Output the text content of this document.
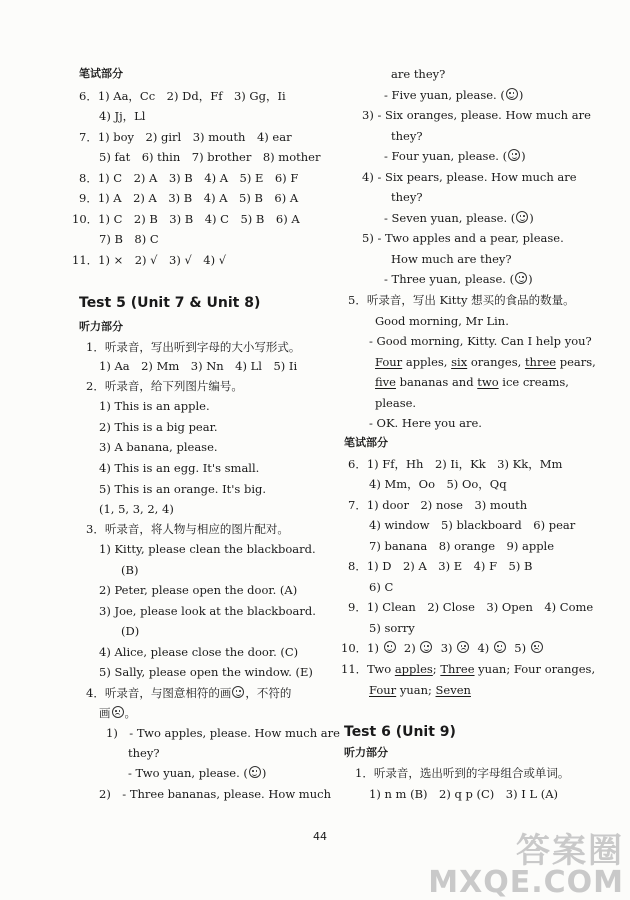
笔试部分
6．1) Aa，Cc　2) Dd，Ff　3) Gg，Ii
4) Jj，Ll
7．1) boy　2) girl　3) mouth　4) ear
5) fat　6) thin　7) brother　8) mother
8．1) C　2) A　3) B　4) A　5) E　6) F
9．1) A　2) A　3) B　4) A　5) B　6) A
10．1) C　2) B　3) B　4) C　5) B　6) A
7) B　8) C
11．1) ×　2) √　3) √　4) √
Test 5 (Unit 7 & Unit 8)
听力部分
1．听录音，写出听到字母的大小写形式。
1) Aa　2) Mm　3) Nn　4) Ll　5) Ii
2．听录音，给下列图片编号。
1) This is an apple.
2) This is a big pear.
3) A banana, please.
4) This is an egg. It's small.
5) This is an orange. It's big.
(1, 5, 3, 2, 4)
3．听录音，将人物与相应的图片配对。
1) Kitty, please clean the blackboard.
(B)
2) Peter, please open the door. (A)
3) Joe, please look at the blackboard.
(D)
4) Alice, please close the door. (C)
5) Sally, please open the window. (E)
4．听录音，与图意相符的画 ，不符的
画 。
1)　- Two apples, please. How much are
they?
- Two yuan, please. ( )
2)　- Three bananas, please. How much
are they?
- Five yuan, please. ( )
3) - Six oranges, please. How much are
they?
- Four yuan, please. ( )
4) - Six pears, please. How much are
they?
- Seven yuan, please. ( )
5) - Two apples and a pear, please.
How much are they?
- Three yuan, please. ( )
5．听录音，写出 Kitty 想买的食品的数量。
Good morning, Mr Lin.
- Good morning, Kitty. Can I help you?
Four apples, six oranges, three pears,
five bananas and two ice creams,
please.
- OK. Here you are.
笔试部分
6．1) Ff，Hh　2) Ii，Kk　3) Kk，Mm
4) Mm，Oo　5) Oo，Qq
7．1) door　2) nose　3) mouth
4) window　5) blackboard　6) pear
7) banana　8) orange　9) apple
8．1) D　2) A　3) E　4) F　5) B
6) C
9．1) Clean　2) Close　3) Open　4) Come
5) sorry
10．1) 2) 3) 4) 5)
11．Two apples; Three yuan; Four oranges,
Four yuan; Seven
Test 6 (Unit 9)
听力部分
1．听录音，选出听到的字母组合或单词。
1) n m (B)　2) q p (C)　3) I L (A)
44	答案圈
MXQE.COM
